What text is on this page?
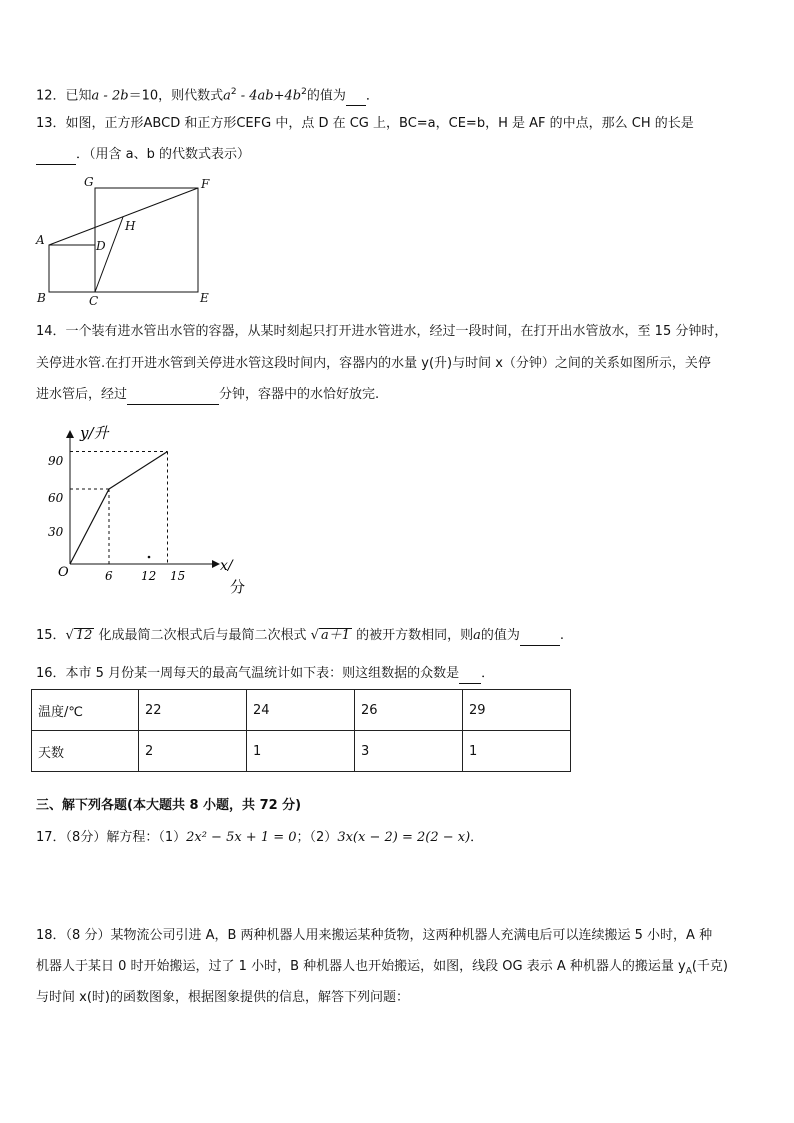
12．已知a - 2b＝10，则代数式$a^2 - 4ab+4b^2$的值为 ．
13．如图，正方形ABCD 和正方形CEFG 中，点 D 在 CG 上，BC=a，CE=b，H 是 AF 的中点，那么 CH 的长是
．（用含 a、b 的代数式表示）
G	F
A	D
H
B	C	E
14．一个装有进水管出水管的容器，从某时刻起只打开进水管进水，经过一段时间，在打开出水管放水，至 15 分钟时，
关停进水管.在打开进水管到关停进水管这段时间内，容器内的水量 y(升)与时间 x（分钟）之间的关系如图所示，关停
进水管后，经过	分钟，容器中的水恰好放完.
y/升
x/
分
O	6 12 15
30
60
90
15．√ 12 化成最简二次根式后与最简二次根式 √ a＋1 的被开方数相同，则a的值为	.
16．本市 5 月份某一周每天的最高气温统计如下表：则这组数据的众数是 ．
温度/℃	22	24	26	29
天数	2	1	3	1
三、解下列各题(本大题共 8 小题，共 72 分)
17．（8分）解方程：（1）2x² − 5x + 1 = 0；（2）3x(x − 2) = 2(2 − x)．
18．（8 分）某物流公司引进 A，B 两种机器人用来搬运某种货物，这两种机器人充满电后可以连续搬运 5 小时，A 种
机器人于某日 0 时开始搬运，过了 1 小时，B 种机器人也开始搬运，如图，线段 OG 表示 A 种机器人的搬运量 $y_A$(千克)
与时间 x(时)的函数图象，根据图象提供的信息，解答下列问题：
